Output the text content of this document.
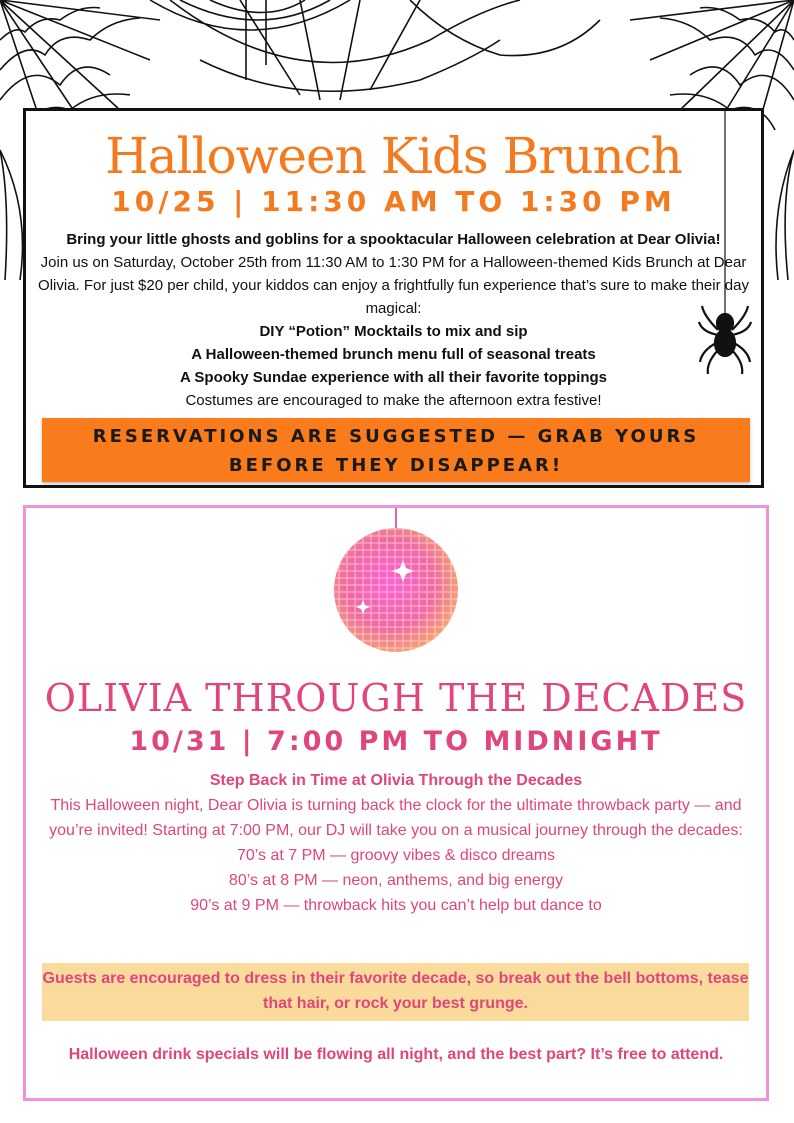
Halloween Kids Brunch
10/25 | 11:30 AM TO 1:30 PM
Bring your little ghosts and goblins for a spooktacular Halloween celebration at Dear Olivia!
Join us on Saturday, October 25th from 11:30 AM to 1:30 PM for a Halloween-themed Kids Brunch at Dear Olivia. For just $20 per child, your kiddos can enjoy a frightfully fun experience that’s sure to make their day magical:
DIY “Potion” Mocktails to mix and sip
A Halloween-themed brunch menu full of seasonal treats
A Spooky Sundae experience with all their favorite toppings
Costumes are encouraged to make the afternoon extra festive!
RESERVATIONS ARE SUGGESTED — GRAB YOURS
BEFORE THEY DISAPPEAR!
OLIVIA THROUGH THE DECADES
10/31 | 7:00 PM TO MIDNIGHT
Step Back in Time at Olivia Through the Decades
This Halloween night, Dear Olivia is turning back the clock for the ultimate throwback party — and you’re invited! Starting at 7:00 PM, our DJ will take you on a musical journey through the decades:
70’s at 7 PM — groovy vibes & disco dreams
80’s at 8 PM — neon, anthems, and big energy
90’s at 9 PM — throwback hits you can’t help but dance to
Guests are encouraged to dress in their favorite decade, so break out the bell bottoms, tease that hair, or rock your best grunge.
Halloween drink specials will be flowing all night, and the best part? It’s free to attend.
